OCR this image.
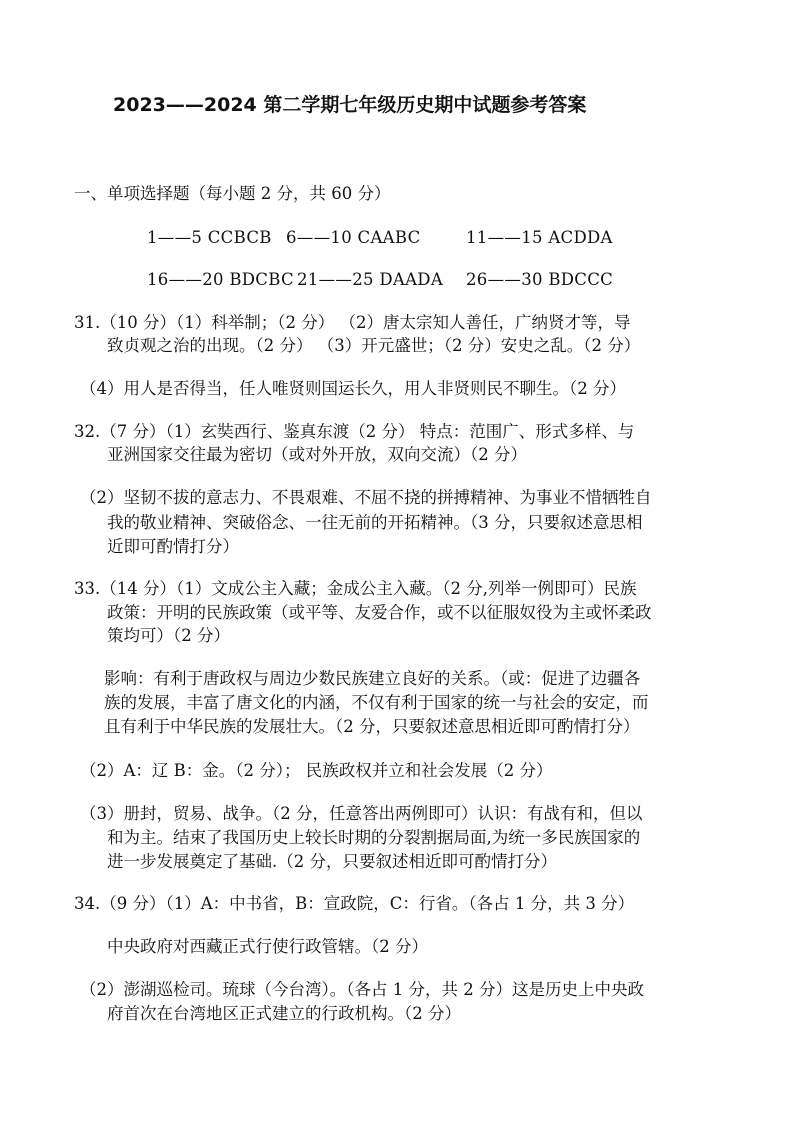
2023——2024 第二学期七年级历史期中试题参考答案
一、单项选择题（每小题 2 分，共 60 分）
1——5 CCBCB 6——10 CAABC	11——15 ACDDA
16——20 BDCBC 21——25 DAADA 26——30 BDCCC
31.（10 分）（1）科举制；（2 分） （2）唐太宗知人善任，广纳贤才等，导
致贞观之治的出现。（2 分） （3）开元盛世；（2 分）安史之乱。（2 分）
（4）用人是否得当，任人唯贤则国运长久，用人非贤则民不聊生。（2 分）
32.（7 分）（1）玄奘西行、鉴真东渡（2 分） 特点：范围广、形式多样、与
亚洲国家交往最为密切（或对外开放，双向交流）（2 分）
（2）坚韧不拔的意志力、不畏艰难、不屈不挠的拼搏精神、为事业不惜牺牲自
我的敬业精神、突破俗念、一往无前的开拓精神。（3 分，只要叙述意思相
近即可酌情打分）
33.（14 分）（1）文成公主入藏；金成公主入藏。（2 分,列举一例即可）民族
政策：开明的民族政策（或平等、友爱合作，或不以征服奴役为主或怀柔政
策均可）（2 分）
影响：有利于唐政权与周边少数民族建立良好的关系。（或：促进了边疆各
族的发展，丰富了唐文化的内涵，不仅有利于国家的统一与社会的安定，而
且有利于中华民族的发展壮大。（2 分，只要叙述意思相近即可酌情打分）
（2）A：辽 B：金。（2 分）； 民族政权并立和社会发展（2 分）
（3）册封，贸易、战争。（2 分，任意答出两例即可）认识：有战有和，但以
和为主。结束了我国历史上较长时期的分裂割据局面,为统一多民族国家的
进一步发展奠定了基础.（2 分，只要叙述相近即可酌情打分）
34.（9 分）（1）A：中书省，B：宣政院，C：行省。（各占 1 分，共 3 分）
中央政府对西藏正式行使行政管辖。（2 分）
（2）澎湖巡检司。琉球（今台湾）。（各占 1 分，共 2 分）这是历史上中央政
府首次在台湾地区正式建立的行政机构。（2 分）
